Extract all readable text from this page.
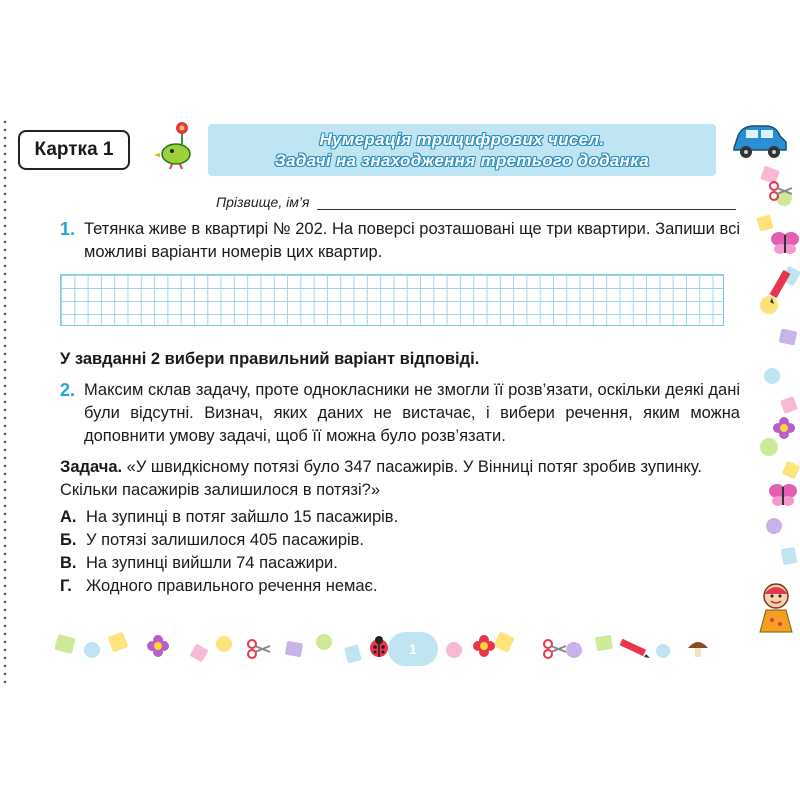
Картка 1	Нумерація трицифрових чисел.
Задачі на знаходження третього доданка
Прізвище, ім’я
1. Тетянка живе в квартирі № 202. На поверсі розташовані ще три квартири. Запиши всі можливі варіанти номерів цих квартир.
У завданні 2 вибери правильний варіант відповіді.
2. Максим склав задачу, проте однокласники не змогли її розв’язати, оскільки деякі дані були відсутні. Визнач, яких даних не вистачає, і вибери речення, яким можна доповнити умову задачі, щоб її можна було розв’язати.
Задача. «У швидкісному потязі було 347 пасажирів. У Вінниці потяг зробив зупинку. Скільки пасажирів залишилося в потязі?»
А. На зупинці в потяг зайшло 15 пасажирів.
Б. У потязі залишилося 405 пасажирів.
В. На зупинці вийшли 74 пасажири.
Г. Жодного правильного речення немає.
1
